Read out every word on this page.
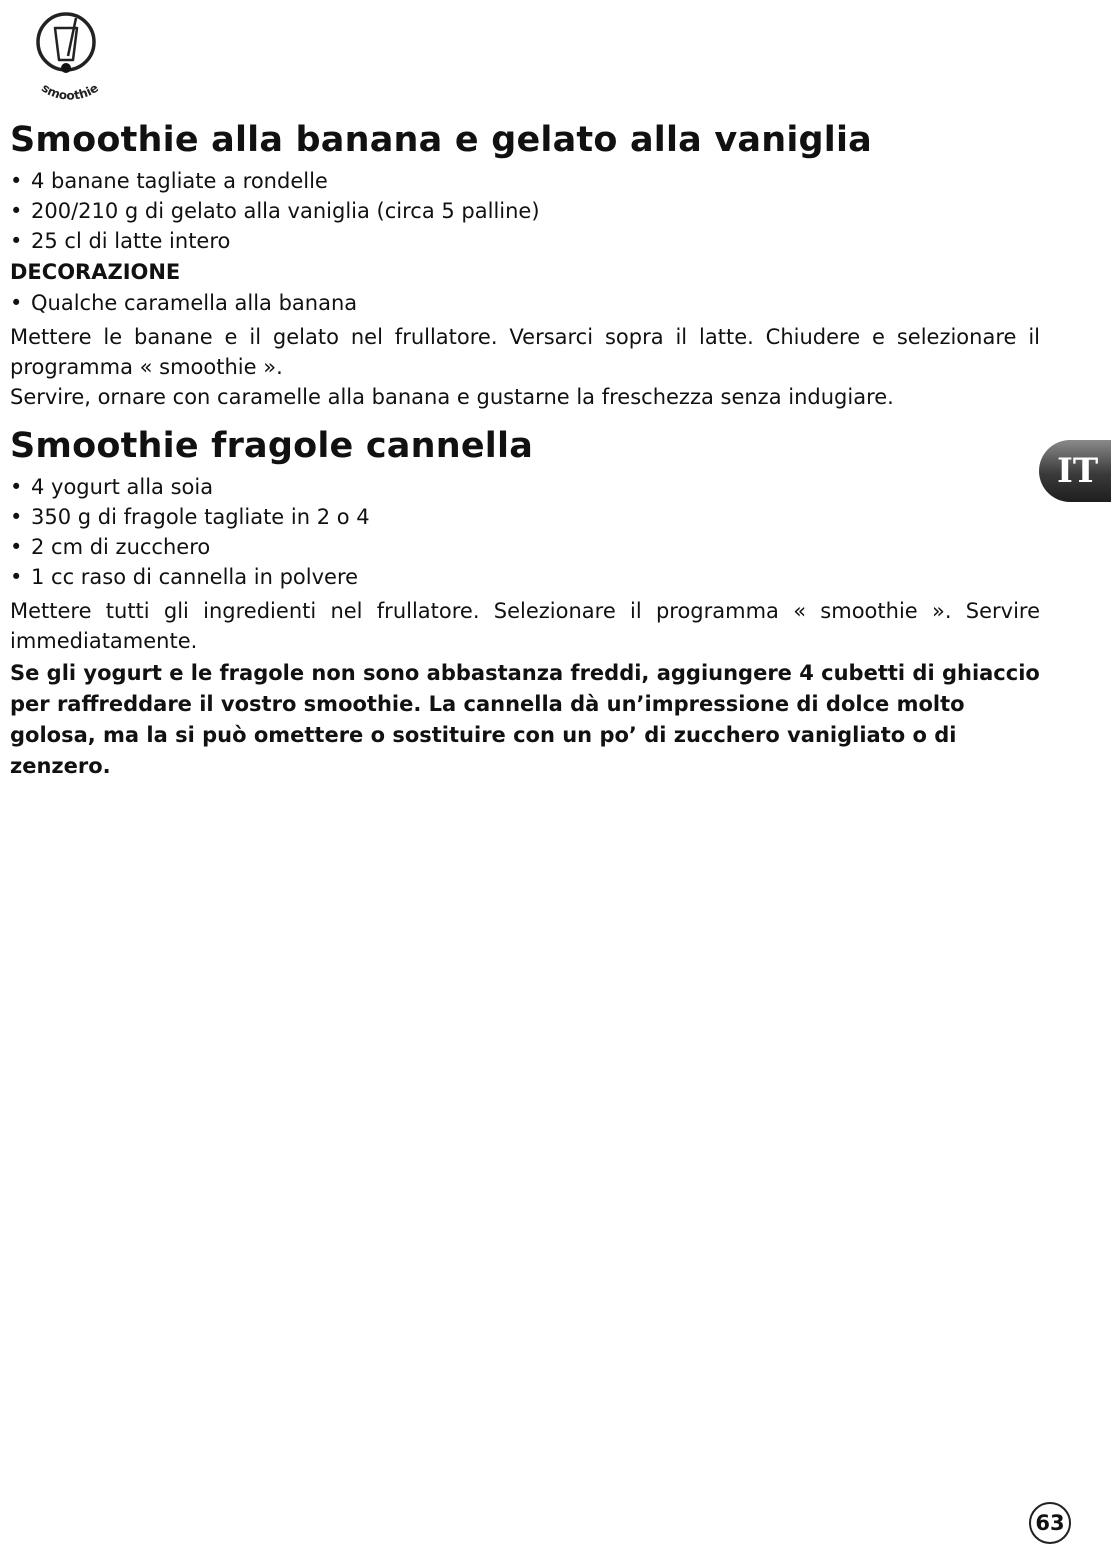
smoothie
Smoothie alla banana e gelato alla vaniglia
• 4 banane tagliate a rondelle
• 200/210 g di gelato alla vaniglia (circa 5 palline)
• 25 cl di latte intero
DECORAZIONE
• Qualche caramella alla banana

Mettere le banane e il gelato nel frullatore. Versarci sopra il latte. Chiudere e selezionare il programma « smoothie ».

Servire, ornare con caramelle alla banana e gustarne la freschezza senza indugiare.

Smoothie fragole cannella
• 4 yogurt alla soia
• 350 g di fragole tagliate in 2 o 4
• 2 cm di zucchero
• 1 cc raso di cannella in polvere

Mettere tutti gli ingredienti nel frullatore. Selezionare il programma « smoothie ». Servire immediatamente.

Se gli yogurt e le fragole non sono abbastanza freddi, aggiungere 4 cubetti di ghiaccio per raffreddare il vostro smoothie. La cannella dà un’impressione di dolce molto golosa, ma la si può omettere o sostituire con un po’ di zucchero vanigliato o di zenzero.

IT
63
